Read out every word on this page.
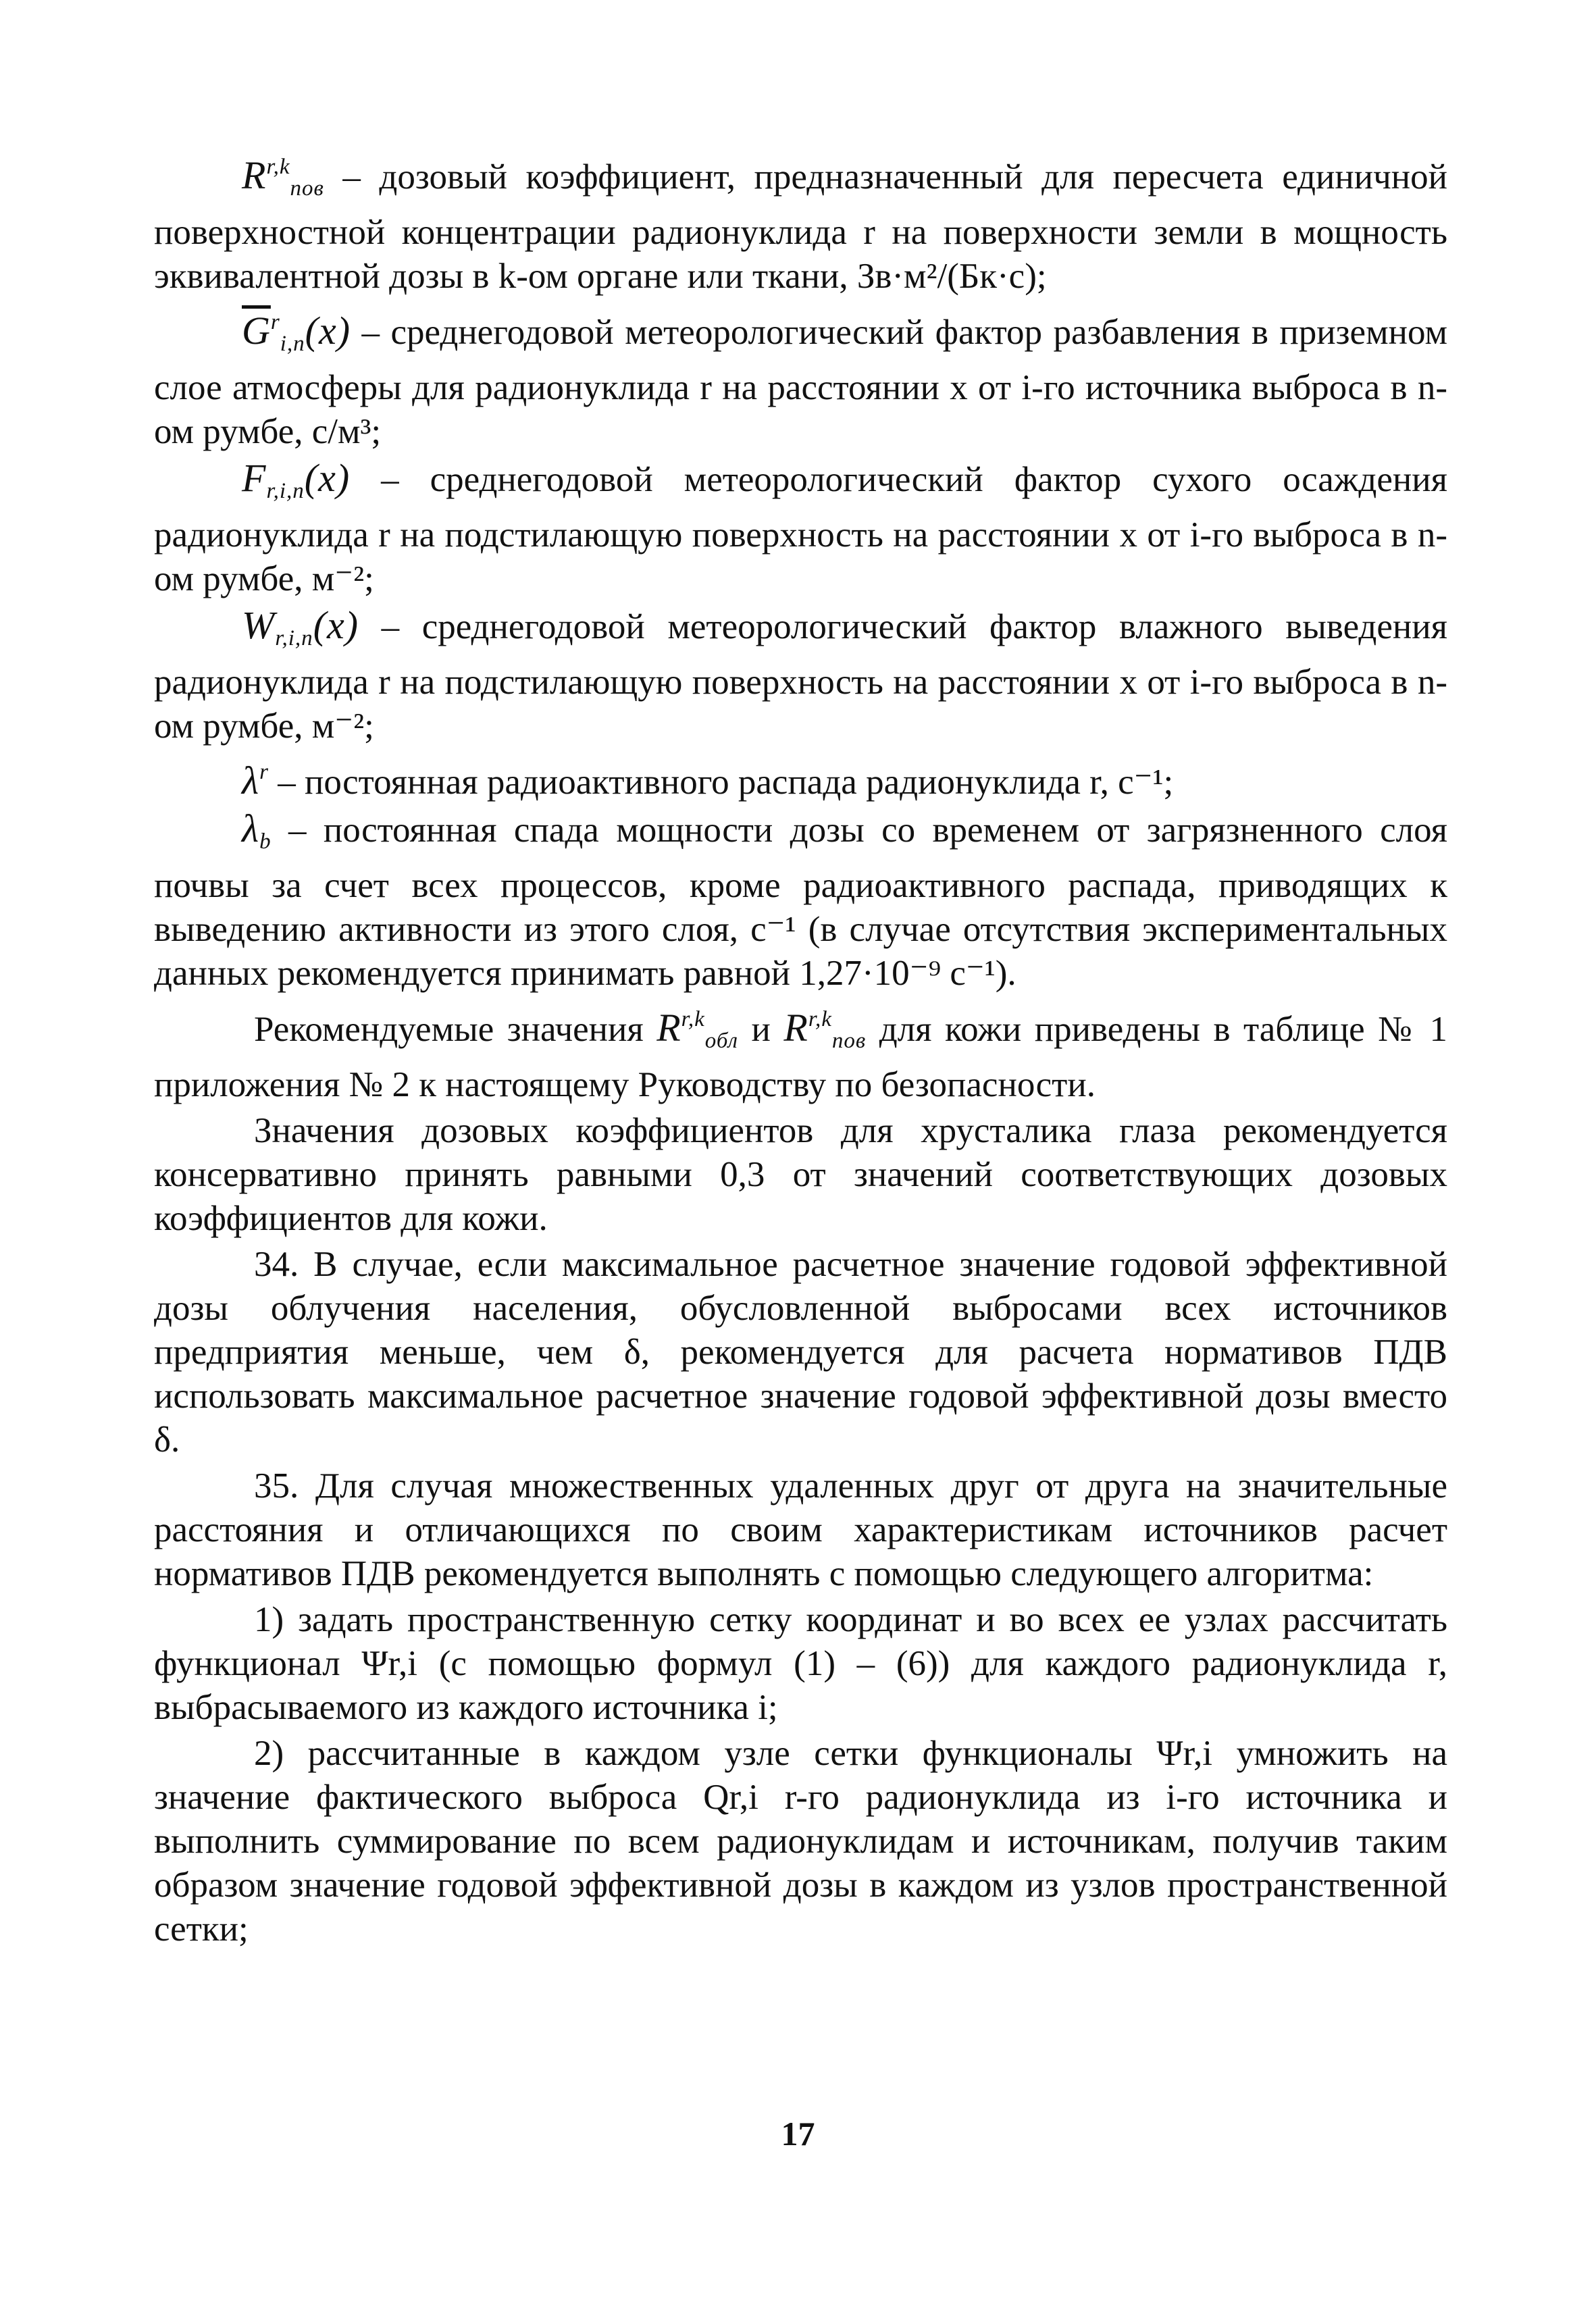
R$^{r,k}_{пов}$ – дозовый коэффициент, предназначенный для пересчета единичной поверхностной концентрации радионуклида r на поверхности земли в мощность эквивалентной дозы в k-ом органе или ткани, Зв·м²/(Бк·с);

$\overline{G}^r_{i,n}(x)$ – среднегодовой метеорологический фактор разбавления в приземном слое атмосферы для радионуклида r на расстоянии x от i-го источника выброса в n-ом румбе, с/м³;

$F_{r,i,n}(x)$ – среднегодовой метеорологический фактор сухого осаждения радионуклида r на подстилающую поверхность на расстоянии x от i-го выброса в n-ом румбе, м⁻²;

$W_{r,i,n}(x)$ – среднегодовой метеорологический фактор влажного выведения радионуклида r на подстилающую поверхность на расстоянии x от i-го выброса в n-ом румбе, м⁻²;

$\lambda^r$ – постоянная радиоактивного распада радионуклида r, с⁻¹;

$\lambda_b$ – постоянная спада мощности дозы со временем от загрязненного слоя почвы за счет всех процессов, кроме радиоактивного распада, приводящих к выведению активности из этого слоя, с⁻¹ (в случае отсутствия экспериментальных данных рекомендуется принимать равной 1,27·10⁻⁹ с⁻¹).

Рекомендуемые значения R$^{r,k}_{обл}$ и R$^{r,k}_{пов}$ для кожи приведены в таблице № 1 приложения № 2 к настоящему Руководству по безопасности.

Значения дозовых коэффициентов для хрусталика глаза рекомендуется консервативно принять равными 0,3 от значений соответствующих дозовых коэффициентов для кожи.

34. В случае, если максимальное расчетное значение годовой эффективной дозы облучения населения, обусловленной выбросами всех источников предприятия меньше, чем δ, рекомендуется для расчета нормативов ПДВ использовать максимальное расчетное значение годовой эффективной дозы вместо δ.

35. Для случая множественных удаленных друг от друга на значительные расстояния и отличающихся по своим характеристикам источников расчет нормативов ПДВ рекомендуется выполнять с помощью следующего алгоритма:

1) задать пространственную сетку координат и во всех ее узлах рассчитать функционал Ψr,i (с помощью формул (1) – (6)) для каждого радионуклида r, выбрасываемого из каждого источника i;

2) рассчитанные в каждом узле сетки функционалы Ψr,i умножить на значение фактического выброса Qr,i r-го радионуклида из i-го источника и выполнить суммирование по всем радионуклидам и источникам, получив таким образом значение годовой эффективной дозы в каждом из узлов пространственной сетки;

17
